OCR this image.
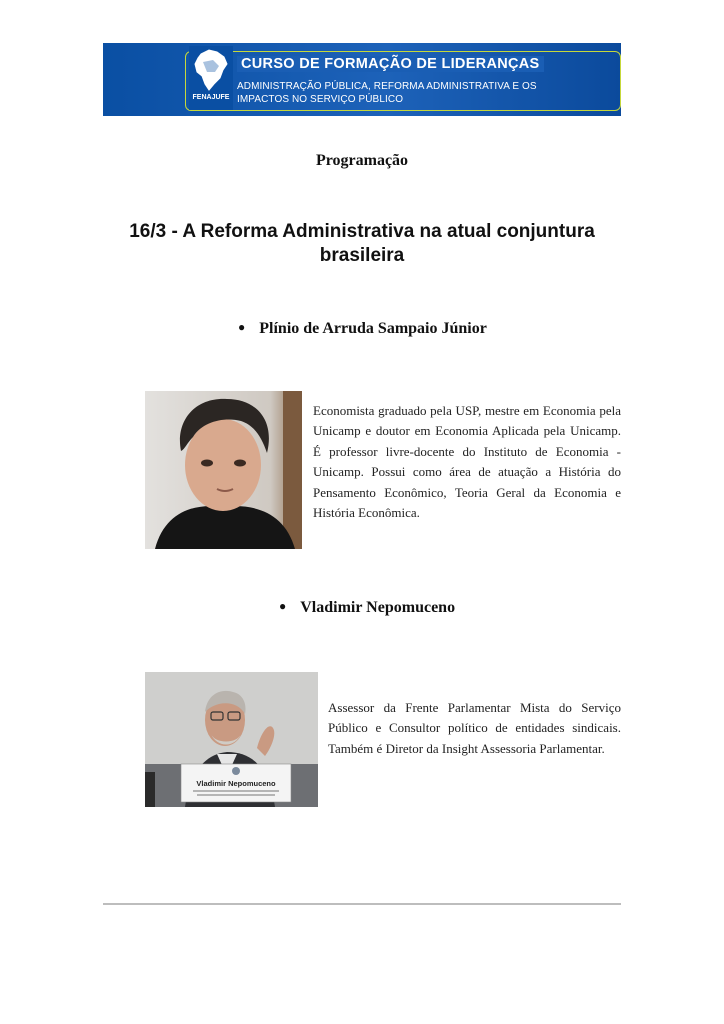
FENAJUFE
CURSO DE FORMAÇÃO DE LIDERANÇAS
ADMINISTRAÇÃO PÚBLICA, REFORMA ADMINISTRATIVA E OS IMPACTOS NO SERVIÇO PÚBLICO
Programação
16/3 - A Reforma Administrativa na atual conjuntura brasileira
● Plínio de Arruda Sampaio Júnior
Economista graduado pela USP, mestre em Economia pela Unicamp e doutor em Economia Aplicada pela Unicamp. É professor livre-docente do Instituto de Economia - Unicamp. Possui como área de atuação a História do Pensamento Econômico, Teoria Geral da Economia e História Econômica.
● Vladimir Nepomuceno
Vladimir Nepomuceno
Assessor da Frente Parlamentar Mista do Serviço Público e Consultor político de entidades sindicais. Também é Diretor da Insight Assessoria Parlamentar.
